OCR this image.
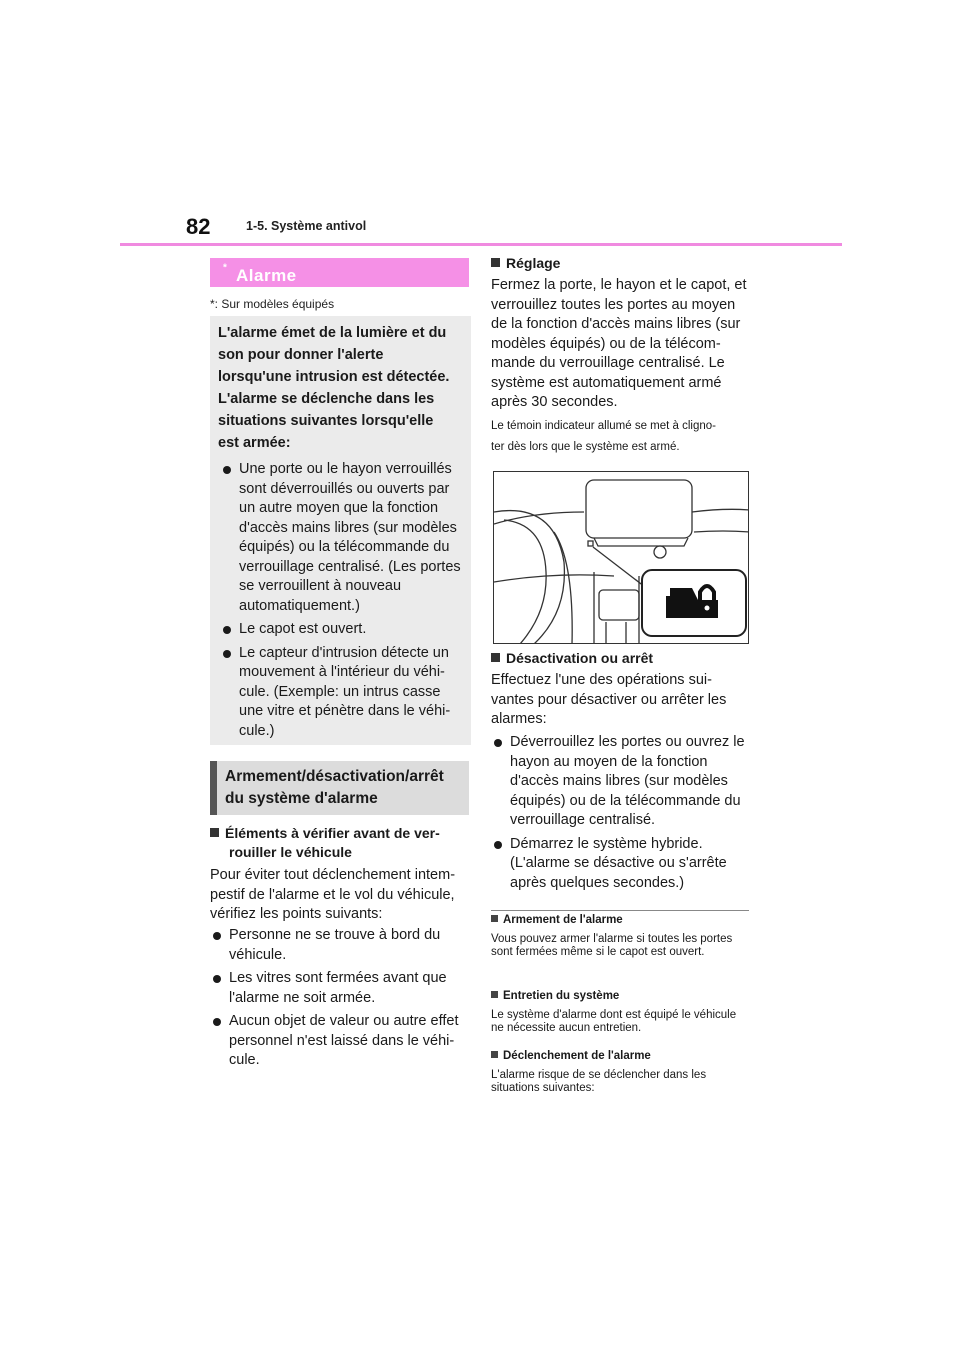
82	1-5. Système antivol
Alarme
*
*: Sur modèles équipés
L'alarme émet de la lumière et du
son pour donner l'alerte
lorsqu'une intrusion est détectée.
L'alarme se déclenche dans les
situations suivantes lorsqu'elle
est armée:
Une porte ou le hayon verrouillés sont déverrouillés ou ouverts par un autre moyen que la fonction d'accès mains libres (sur modèles équipés) ou la télécommande du verrouillage centralisé. (Les portes se verrouillent à nouveau automatiquement.)
Le capot est ouvert.
Le capteur d'intrusion détecte un mouvement à l'intérieur du véhicule. (Exemple: un intrus casse une vitre et pénètre dans le véhicule.)
Armement/désactivation/arrêt
du système d'alarme
Éléments à vérifier avant de ver-
rouiller le véhicule
Pour éviter tout déclenchement intempestif de l'alarme et le vol du véhicule, vérifiez les points suivants:
Personne ne se trouve à bord du véhicule.
Les vitres sont fermées avant que l'alarme ne soit armée.
Aucun objet de valeur ou autre effet personnel n'est laissé dans le véhicule.
Réglage
Fermez la porte, le hayon et le capot, et verrouillez toutes les portes au moyen de la fonction d'accès mains libres (sur modèles équipés) ou de la télécommande du verrouillage centralisé. Le système est automatiquement armé après 30 secondes.
Le témoin indicateur allumé se met à cligno-
ter dès lors que le système est armé.
Désactivation ou arrêt
Effectuez l'une des opérations suivantes pour désactiver ou arrêter les alarmes:
Déverrouillez les portes ou ouvrez le hayon au moyen de la fonction d'accès mains libres (sur modèles équipés) ou de la télécommande du verrouillage centralisé.
Démarrez le système hybride. (L'alarme se désactive ou s'arrête après quelques secondes.)
Armement de l'alarme
Vous pouvez armer l'alarme si toutes les portes sont fermées même si le capot est ouvert.
Entretien du système
Le système d'alarme dont est équipé le véhicule ne nécessite aucun entretien.
Déclenchement de l'alarme
L'alarme risque de se déclencher dans les situations suivantes:
